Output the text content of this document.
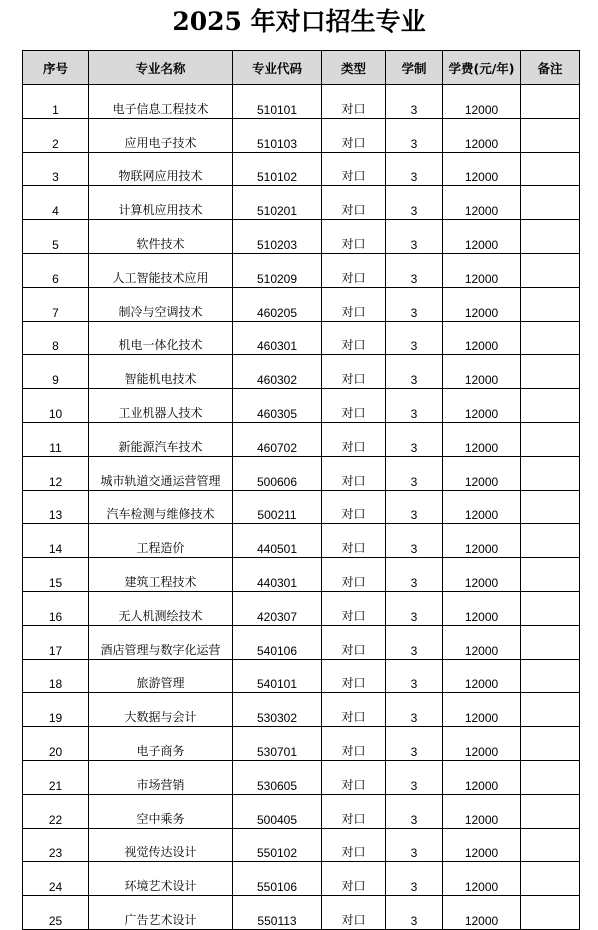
2025 年对口招生专业
序号	专业名称	专业代码	类型	学制	学费(元/年)	备注
1	电子信息工程技术	510101	对口	3	12000	
2	应用电子技术	510103	对口	3	12000	
3	物联网应用技术	510102	对口	3	12000	
4	计算机应用技术	510201	对口	3	12000	
5	软件技术	510203	对口	3	12000	
6	人工智能技术应用	510209	对口	3	12000	
7	制冷与空调技术	460205	对口	3	12000	
8	机电一体化技术	460301	对口	3	12000	
9	智能机电技术	460302	对口	3	12000	
10	工业机器人技术	460305	对口	3	12000	
11	新能源汽车技术	460702	对口	3	12000	
12	城市轨道交通运营管理	500606	对口	3	12000	
13	汽车检测与维修技术	500211	对口	3	12000	
14	工程造价	440501	对口	3	12000	
15	建筑工程技术	440301	对口	3	12000	
16	无人机测绘技术	420307	对口	3	12000	
17	酒店管理与数字化运营	540106	对口	3	12000	
18	旅游管理	540101	对口	3	12000	
19	大数据与会计	530302	对口	3	12000	
20	电子商务	530701	对口	3	12000	
21	市场营销	530605	对口	3	12000	
22	空中乘务	500405	对口	3	12000	
23	视觉传达设计	550102	对口	3	12000	
24	环境艺术设计	550106	对口	3	12000	
25	广告艺术设计	550113	对口	3	12000	
